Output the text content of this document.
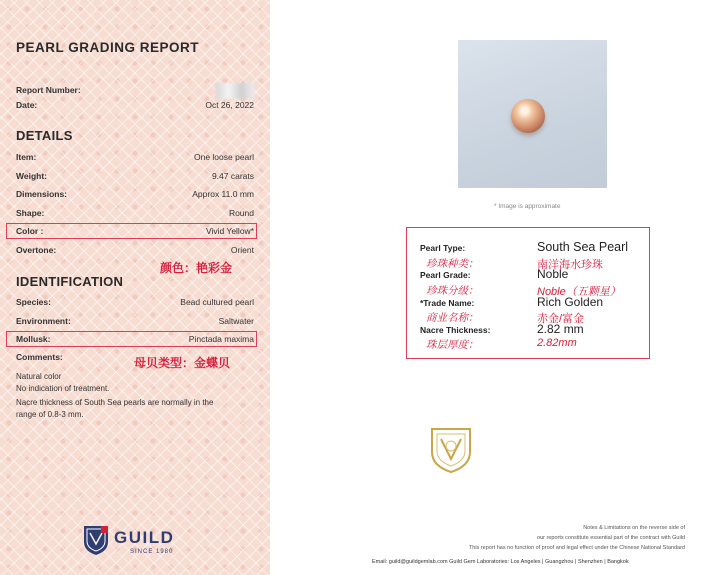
PEARL GRADING REPORT
Report Number:
Date:	Oct 26, 2022
DETAILS
Item:	One loose pearl
Weight:	9.47 carats
Dimensions:	Approx 11.0 mm
Shape:	Round
Color :	Vivid Yellow*
Overtone:	Orient
颜色：艳彩金
IDENTIFICATION
Species:	Bead cultured pearl
Environment:	Saltwater
Mollusk:	Pinctada maxima
Comments:	母贝类型：金蝶贝
Natural color
No indication of treatment.
Nacre thickness of South Sea pearls are normally in the
range of 0.8-3 mm.
GUILD
SINCE 1980
* Image is approximate
Pearl Type:	South Sea Pearl
珍珠种类：	南洋海水珍珠
Pearl Grade:	Noble
珍珠分级：	Noble（五颗星）
*Trade Name:	Rich Golden
商业名称：	赤金/富金
Nacre Thickness:	2.82 mm
珠层厚度：	2.82mm
Notes & Limitations on the reverse side of
our reports constitute essential part of the contract with Guild
This report has no function of proof and legal effect under the Chinese National Standard
Email: guild@guildgemlab.com Guild Gem Laboratories: Los Angeles | Guangzhou | Shenzhen | Bangkok
